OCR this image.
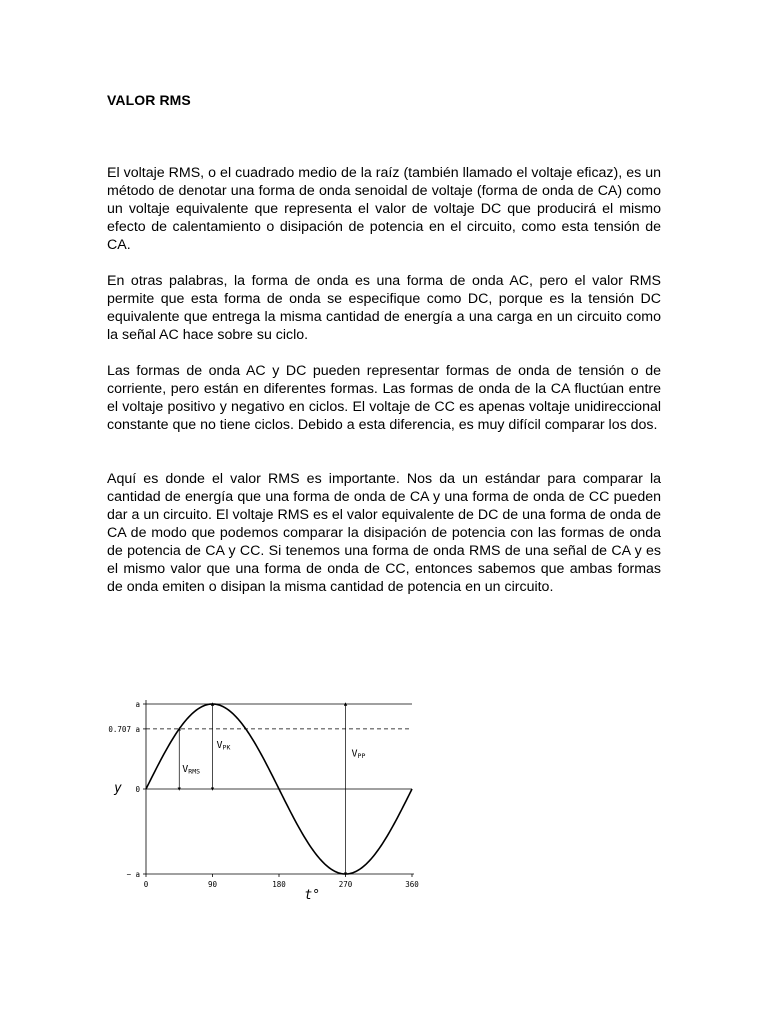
VALOR RMS
El voltaje RMS, o el cuadrado medio de la raíz (también llamado el voltaje eficaz), es un método de denotar una forma de onda senoidal de voltaje (forma de onda de CA) como un voltaje equivalente que representa el valor de voltaje DC que producirá el mismo efecto de calentamiento o disipación de potencia en el circuito, como esta tensión de CA.
En otras palabras, la forma de onda es una forma de onda AC, pero el valor RMS permite que esta forma de onda se especifique como DC, porque es la tensión DC equivalente que entrega la misma cantidad de energía a una carga en un circuito como la señal AC hace sobre su ciclo.
Las formas de onda AC y DC pueden representar formas de onda de tensión o de corriente, pero están en diferentes formas. Las formas de onda de la CA fluctúan entre el voltaje positivo y negativo en ciclos. El voltaje de CC es apenas voltaje unidireccional constante que no tiene ciclos. Debido a esta diferencia, es muy difícil comparar los dos.
Aquí es donde el valor RMS es importante. Nos da un estándar para comparar la cantidad de energía que una forma de onda de CA y una forma de onda de CC pueden dar a un circuito. El voltaje RMS es el valor equivalente de DC de una forma de onda de CA de modo que podemos comparar la disipación de potencia con las formas de onda de potencia de CA y CC. Si tenemos una forma de onda RMS de una señal de CA y es el mismo valor que una forma de onda de CC, entonces sabemos que ambas formas de onda emiten o disipan la misma cantidad de potencia en un circuito.
a
0.707 a
0
− a
0	90	180	270	360
y
t°
VRMS
VPK
VPP
